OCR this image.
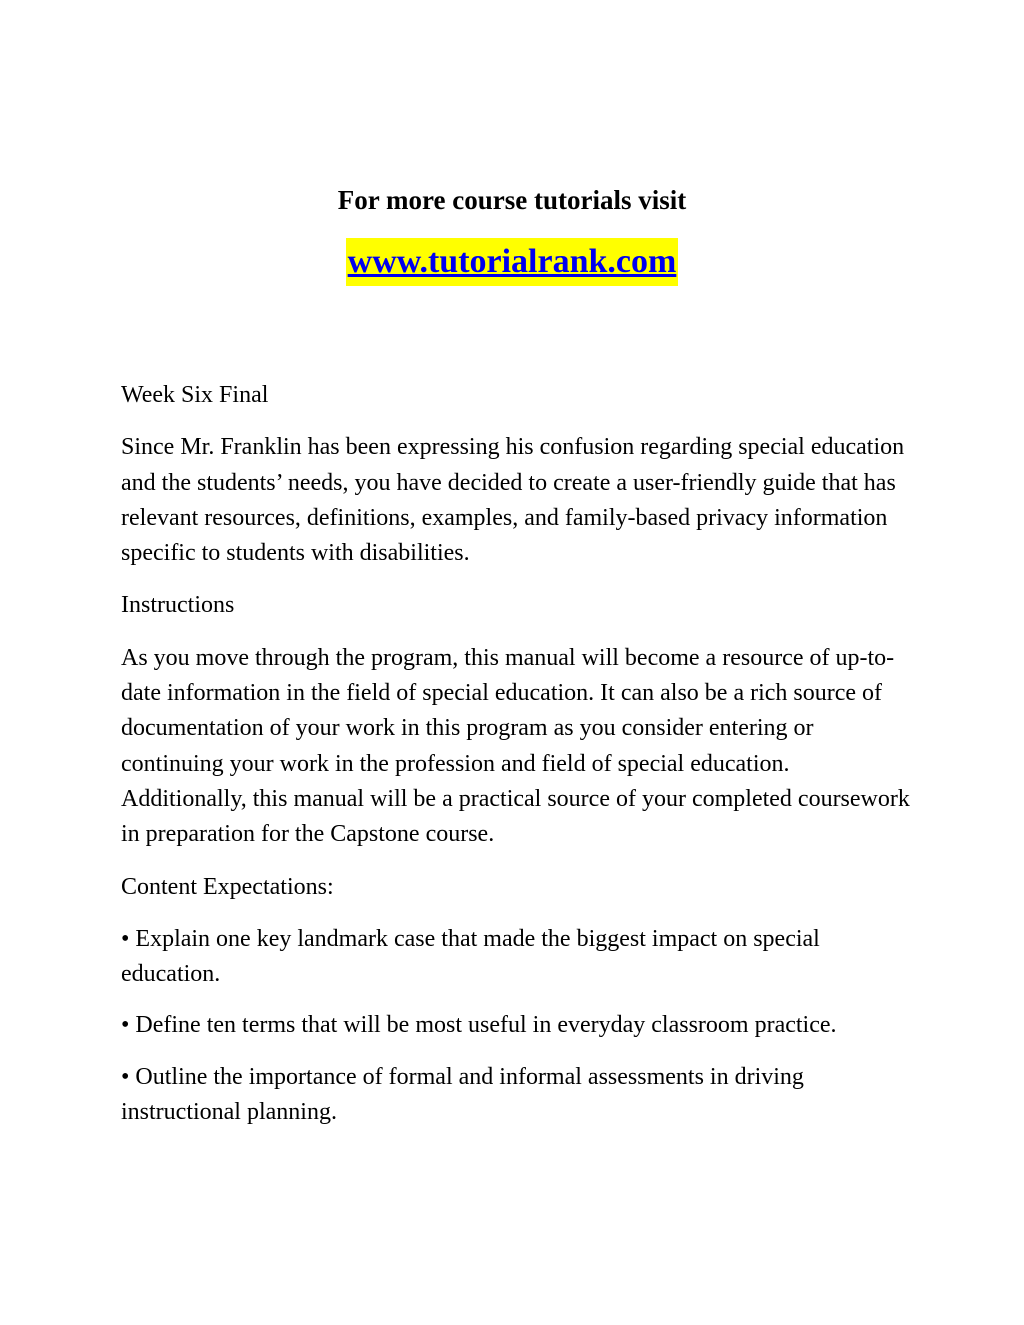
For more course tutorials visit

www.tutorialrank.com

Week Six Final

Since Mr. Franklin has been expressing his confusion regarding special education and the students’ needs, you have decided to create a user-friendly guide that has relevant resources, definitions, examples, and family-based privacy information specific to students with disabilities.

Instructions

As you move through the program, this manual will become a resource of up-to-date information in the field of special education. It can also be a rich source of documentation of your work in this program as you consider entering or continuing your work in the profession and field of special education. Additionally, this manual will be a practical source of your completed coursework in preparation for the Capstone course.

Content Expectations:

• Explain one key landmark case that made the biggest impact on special education.

• Define ten terms that will be most useful in everyday classroom practice.

• Outline the importance of formal and informal assessments in driving instructional planning.
